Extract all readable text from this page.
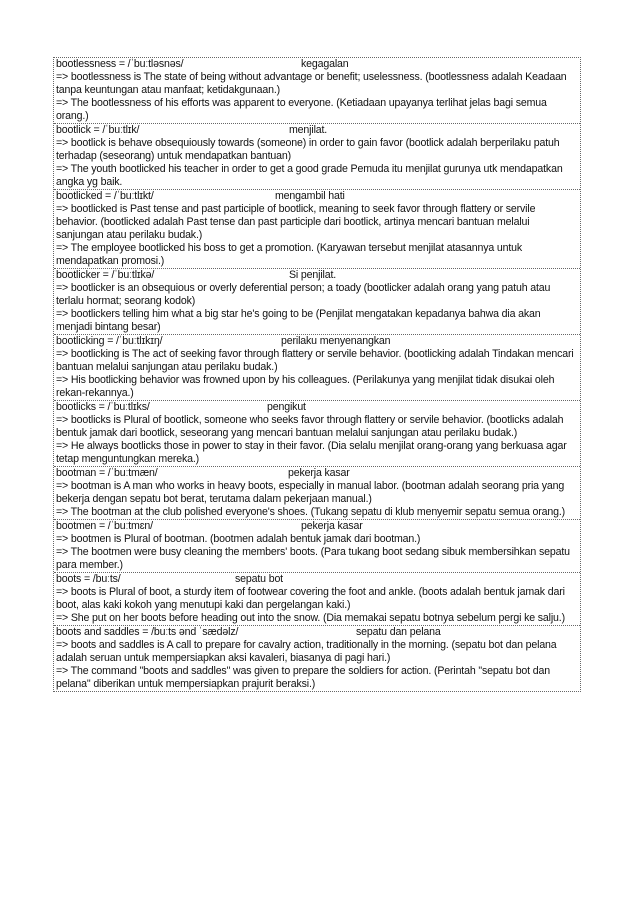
bootlessness = /ˈbuːtləsnəs/	kegagalan

=> bootlessness is The state of being without advantage or benefit; uselessness. (bootlessness adalah Keadaan tanpa keuntungan atau manfaat; ketidakgunaan.)

=> The bootlessness of his efforts was apparent to everyone. (Ketiadaan upayanya terlihat jelas bagi semua orang.)

bootlick = /ˈbuːtlɪk/	menjilat.

=> bootlick is behave obsequiously towards (someone) in order to gain favor (bootlick adalah berperilaku patuh terhadap (seseorang) untuk mendapatkan bantuan)

=> The youth bootlicked his teacher in order to get a good grade Pemuda itu menjilat gurunya utk mendapatkan angka yg baik.

bootlicked = /ˈbuːtlɪkt/	mengambil hati

=> bootlicked is Past tense and past participle of bootlick, meaning to seek favor through flattery or servile behavior. (bootlicked adalah Past tense dan past participle dari bootlick, artinya mencari bantuan melalui sanjungan atau perilaku budak.)

=> The employee bootlicked his boss to get a promotion. (Karyawan tersebut menjilat atasannya untuk mendapatkan promosi.)

bootlicker = /ˈbuːtlɪkə/	Si penjilat.

=> bootlicker is an obsequious or overly deferential person; a toady (bootlicker adalah orang yang patuh atau terlalu hormat; seorang kodok)

=> bootlickers telling him what a big star he's going to be (Penjilat mengatakan kepadanya bahwa dia akan menjadi bintang besar)

bootlicking = /ˈbuːtlɪkɪŋ/	perilaku menyenangkan

=> bootlicking is The act of seeking favor through flattery or servile behavior. (bootlicking adalah Tindakan mencari bantuan melalui sanjungan atau perilaku budak.)

=> His bootlicking behavior was frowned upon by his colleagues. (Perilakunya yang menjilat tidak disukai oleh rekan-rekannya.)

bootlicks = /ˈbuːtlɪks/	pengikut

=> bootlicks is Plural of bootlick, someone who seeks favor through flattery or servile behavior. (bootlicks adalah bentuk jamak dari bootlick, seseorang yang mencari bantuan melalui sanjungan atau perilaku budak.)

=> He always bootlicks those in power to stay in their favor. (Dia selalu menjilat orang-orang yang berkuasa agar tetap menguntungkan mereka.)

bootman = /ˈbuːtmæn/	pekerja kasar

=> bootman is A man who works in heavy boots, especially in manual labor. (bootman adalah seorang pria yang bekerja dengan sepatu bot berat, terutama dalam pekerjaan manual.)

=> The bootman at the club polished everyone's shoes. (Tukang sepatu di klub menyemir sepatu semua orang.)

bootmen = /ˈbuːtmɛn/	pekerja kasar

=> bootmen is Plural of bootman. (bootmen adalah bentuk jamak dari bootman.)

=> The bootmen were busy cleaning the members' boots. (Para tukang boot sedang sibuk membersihkan sepatu para member.)

boots = /buːts/	sepatu bot

=> boots is Plural of boot, a sturdy item of footwear covering the foot and ankle. (boots adalah bentuk jamak dari boot, alas kaki kokoh yang menutupi kaki dan pergelangan kaki.)

=> She put on her boots before heading out into the snow. (Dia memakai sepatu botnya sebelum pergi ke salju.)

boots and saddles = /buːts ənd ˈsædəlz/	sepatu dan pelana

=> boots and saddles is A call to prepare for cavalry action, traditionally in the morning. (sepatu bot dan pelana adalah seruan untuk mempersiapkan aksi kavaleri, biasanya di pagi hari.)

=> The command "boots and saddles" was given to prepare the soldiers for action. (Perintah "sepatu bot dan pelana" diberikan untuk mempersiapkan prajurit beraksi.)
